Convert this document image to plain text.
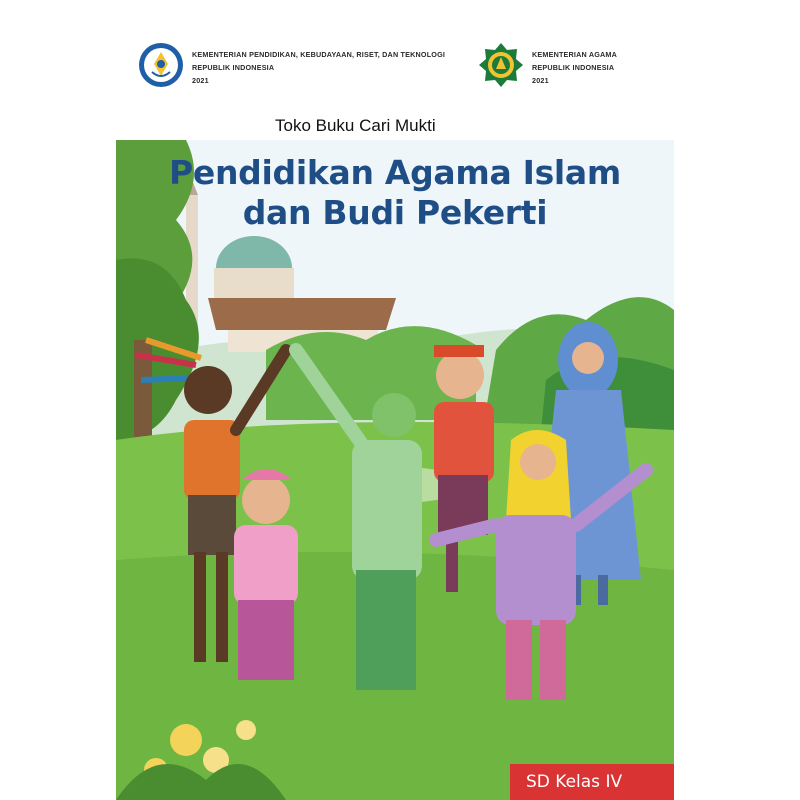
KEMENTERIAN PENDIDIKAN, KEBUDAYAAN, RISET, DAN TEKNOLOGI
REPUBLIK INDONESIA
2021
KEMENTERIAN AGAMA
REPUBLIK INDONESIA
2021
Toko Buku Cari Mukti
Pendidikan Agama Islam
dan Budi Pekerti
SD Kelas IV
